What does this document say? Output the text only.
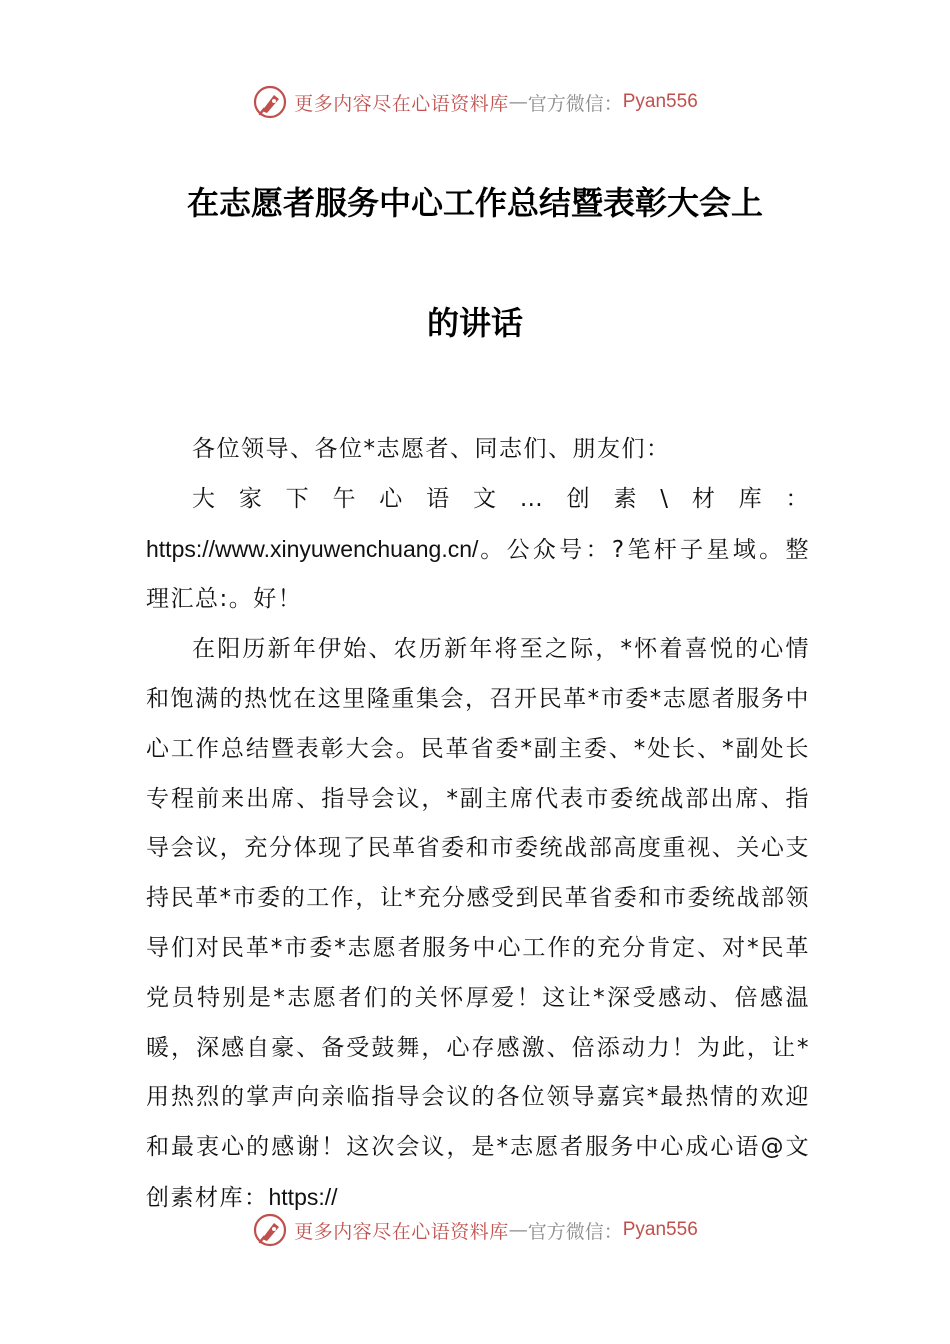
更多内容尽在心语资料库 — 官方微信： Pyan556
在志愿者服务中心工作总结暨表彰大会上
的讲话

各位领导、各位*志愿者、同志们、朋友们：

大家下午心语文…创素\材库：https://www.xinyuwenchuang.cn/。公众号：?笔杆子星域。整理汇总:。好！

在阳历新年伊始、农历新年将至之际，*怀着喜悦的心情和饱满的热忱在这里隆重集会，召开民革*市委*志愿者服务中心工作总结暨表彰大会。民革省委*副主委、*处长、*副处长专程前来出席、指导会议，*副主席代表市委统战部出席、指导会议，充分体现了民革省委和市委统战部高度重视、关心支持民革*市委的工作，让*充分感受到民革省委和市委统战部领导们对民革*市委*志愿者服务中心工作的充分肯定、对*民革党员特别是*志愿者们的关怀厚爱！这让*深受感动、倍感温暖，深感自豪、备受鼓舞，心存感激、倍添动力！为此，让*用热烈的掌声向亲临指导会议的各位领导嘉宾*最热情的欢迎和最衷心的感谢！这次会议，是*志愿者服务中心成心语@文创素材库：https://

更多内容尽在心语资料库 — 官方微信： Pyan556
